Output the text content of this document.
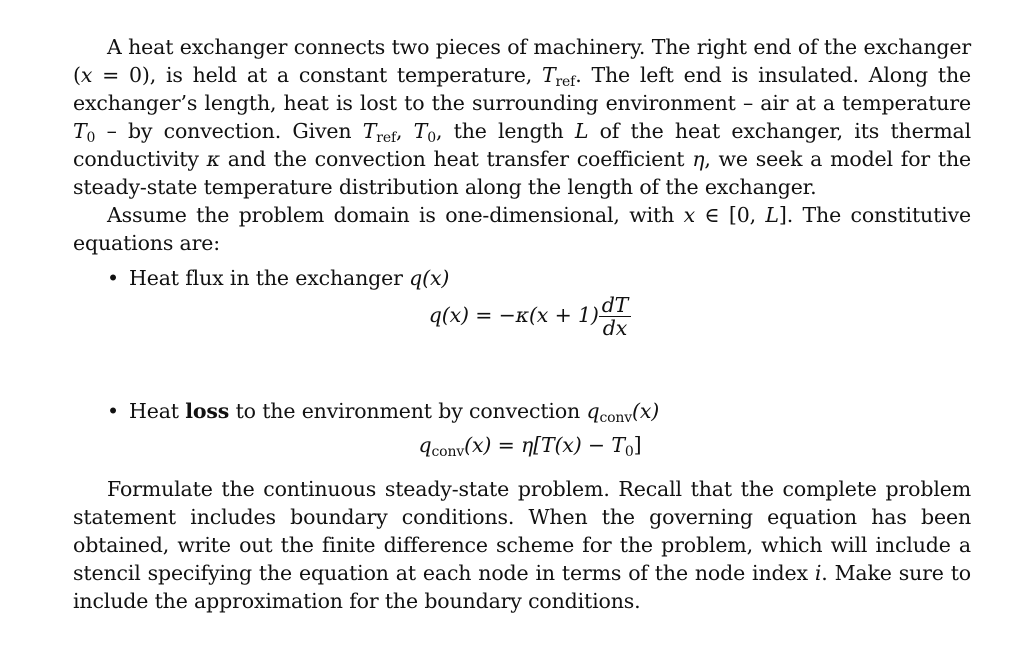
A heat exchanger connects two pieces of machinery. The right end of the exchanger (x = 0), is held at a constant temperature, $T_{ref}$. The left end is insulated. Along the exchanger’s length, heat is lost to the surrounding environment – air at a temperature $T_0$ – by convection. Given $T_{ref}$, $T_0$, the length L of the heat exchanger, its thermal conductivity κ and the convection heat transfer coefficient η, we seek a model for the steady-state temperature distribution along the length of the exchanger.

Assume the problem domain is one-dimensional, with x ∈ [0, L]. The constitutive equations are:

• Heat flux in the exchanger q(x)
$q(x) = -\kappa(x + 1) \frac{dT}{dx}$
• Heat loss to the environment by convection $q_{conv}(x)$
$q_{conv}(x) = \eta[T(x) - T_0]$

Formulate the continuous steady-state problem. Recall that the complete problem statement includes boundary conditions. When the governing equation has been obtained, write out the finite difference scheme for the problem, which will include a stencil specifying the equation at each node in terms of the node index i. Make sure to include the approximation for the boundary conditions.
